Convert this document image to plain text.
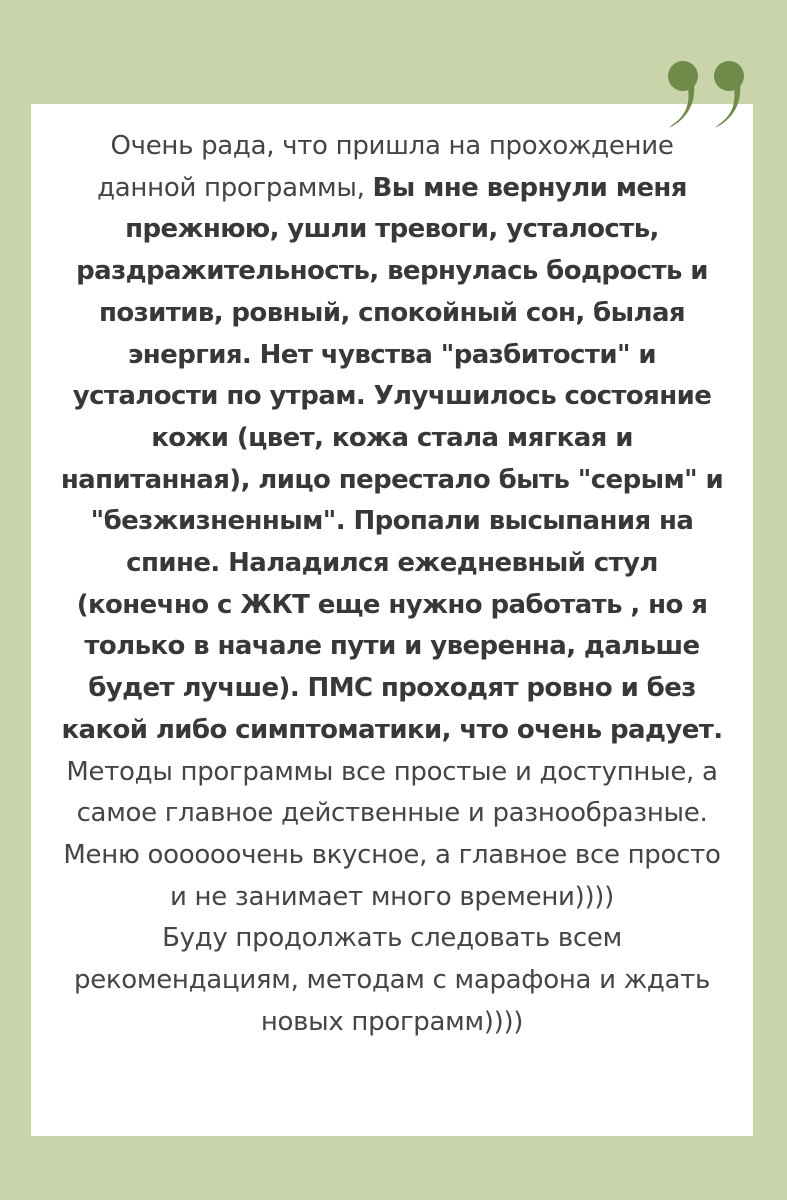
Очень рада, что пришла на прохождение данной программы, Вы мне вернули меня прежнюю, ушли тревоги, усталость, раздражительность, вернулась бодрость и позитив, ровный, спокойный сон, былая энергия. Нет чувства "разбитости" и усталости по утрам. Улучшилось состояние кожи (цвет, кожа стала мягкая и напитанная), лицо перестало быть "серым" и "безжизненным". Пропали высыпания на спине. Наладился ежедневный стул (конечно с ЖКТ еще нужно работать , но я только в начале пути и уверенна, дальше будет лучше). ПМС проходят ровно и без какой либо симптоматики, что очень радует.
Методы программы все простые и доступные, а самое главное действенные и разнообразные. Меню оооооочень вкусное, а главное все просто и не занимает много времени))))
Буду продолжать следовать всем рекомендациям, методам с марафона и ждать новых программ))))
